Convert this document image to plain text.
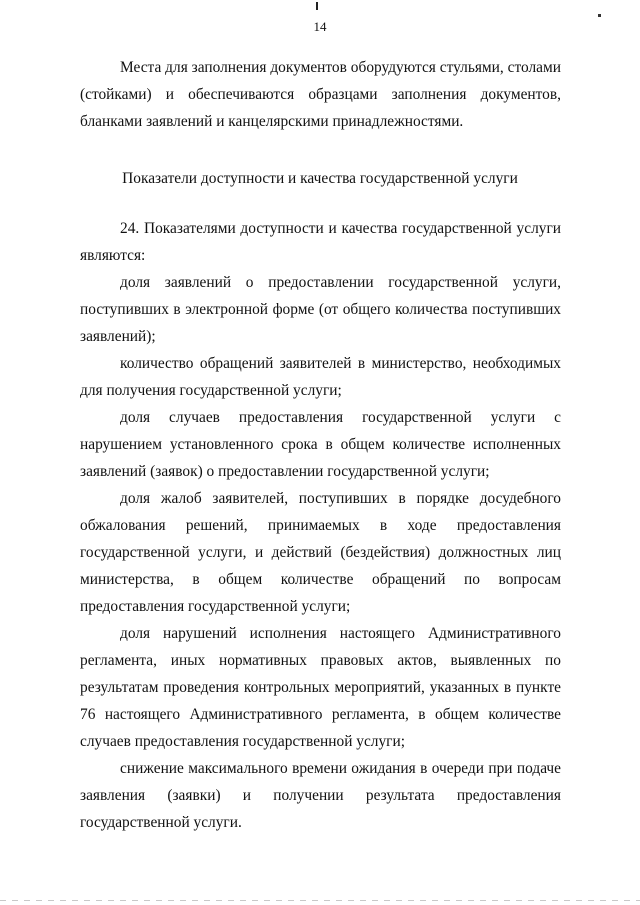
14

Места для заполнения документов оборудуются стульями, столами (стойками) и обеспечиваются образцами заполнения документов, бланками заявлений и канцелярскими принадлежностями.

Показатели доступности и качества государственной услуги

24. Показателями доступности и качества государственной услуги являются:

доля заявлений о предоставлении государственной услуги, поступивших в электронной форме (от общего количества поступивших заявлений);

количество обращений заявителей в министерство, необходимых для получения государственной услуги;

доля случаев предоставления государственной услуги с нарушением установленного срока в общем количестве исполненных заявлений (заявок) о предоставлении государственной услуги;

доля жалоб заявителей, поступивших в порядке досудебного обжалования решений, принимаемых в ходе предоставления государственной услуги, и действий (бездействия) должностных лиц министерства, в общем количестве обращений по вопросам предоставления государственной услуги;

доля нарушений исполнения настоящего Административного регламента, иных нормативных правовых актов, выявленных по результатам проведения контрольных мероприятий, указанных в пункте 76 настоящего Административного регламента, в общем количестве случаев предоставления государственной услуги;

снижение максимального времени ожидания в очереди при подаче заявления (заявки) и получении результата предоставления государственной услуги.
